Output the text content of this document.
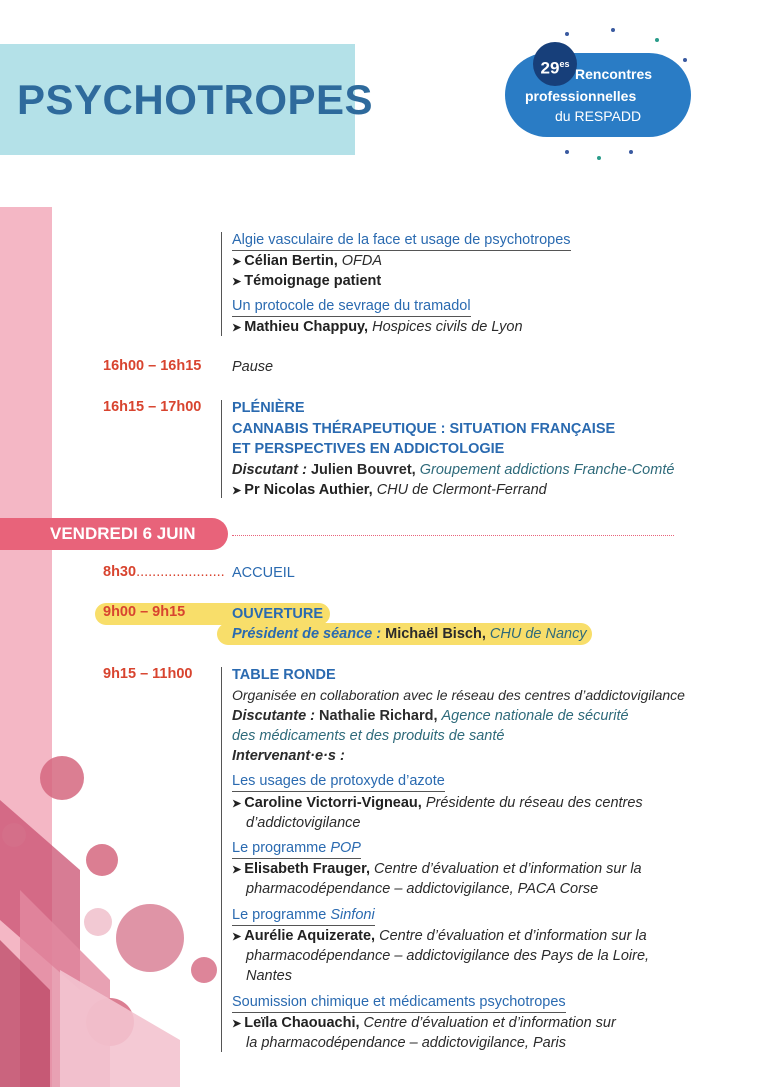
PSYCHOTROPES
$29^{es}$
Rencontres
professionnelles
du RESPADD
Algie vasculaire de la face et usage de psychotropes
➤ Célian Bertin, OFDA
➤ Témoignage patient
Un protocole de sevrage du tramadol
➤ Mathieu Chappuy, Hospices civils de Lyon
16h00 – 16h15 Pause
16h15 – 17h00 PLÉNIÈRE
CANNABIS THÉRAPEUTIQUE : SITUATION FRANÇAISE
ET PERSPECTIVES EN ADDICTOLOGIE
Discutant : Julien Bouvret, Groupement addictions Franche-Comté
➤ Pr Nicolas Authier, CHU de Clermont-Ferrand
VENDREDI 6 JUIN
8h30...................... ACCUEIL
9h00 – 9h15	OUVERTURE
Président de séance : Michaël Bisch, CHU de Nancy
9h15 – 11h00	TABLE RONDE
Organisée en collaboration avec le réseau des centres d’addictovigilance
Discutante : Nathalie Richard, Agence nationale de sécurité
des médicaments et des produits de santé
Intervenant·e·s :
Les usages de protoxyde d’azote
➤ Caroline Victorri-Vigneau, Présidente du réseau des centres
d’addictovigilance
Le programme POP
➤ Elisabeth Frauger, Centre d’évaluation et d’information sur la
pharmacodépendance – addictovigilance, PACA Corse
Le programme Sinfoni
➤ Aurélie Aquizerate, Centre d’évaluation et d’information sur la
pharmacodépendance – addictovigilance des Pays de la Loire,
Nantes
Soumission chimique et médicaments psychotropes
➤ Leïla Chaouachi, Centre d’évaluation et d’information sur
la pharmacodépendance – addictovigilance, Paris
